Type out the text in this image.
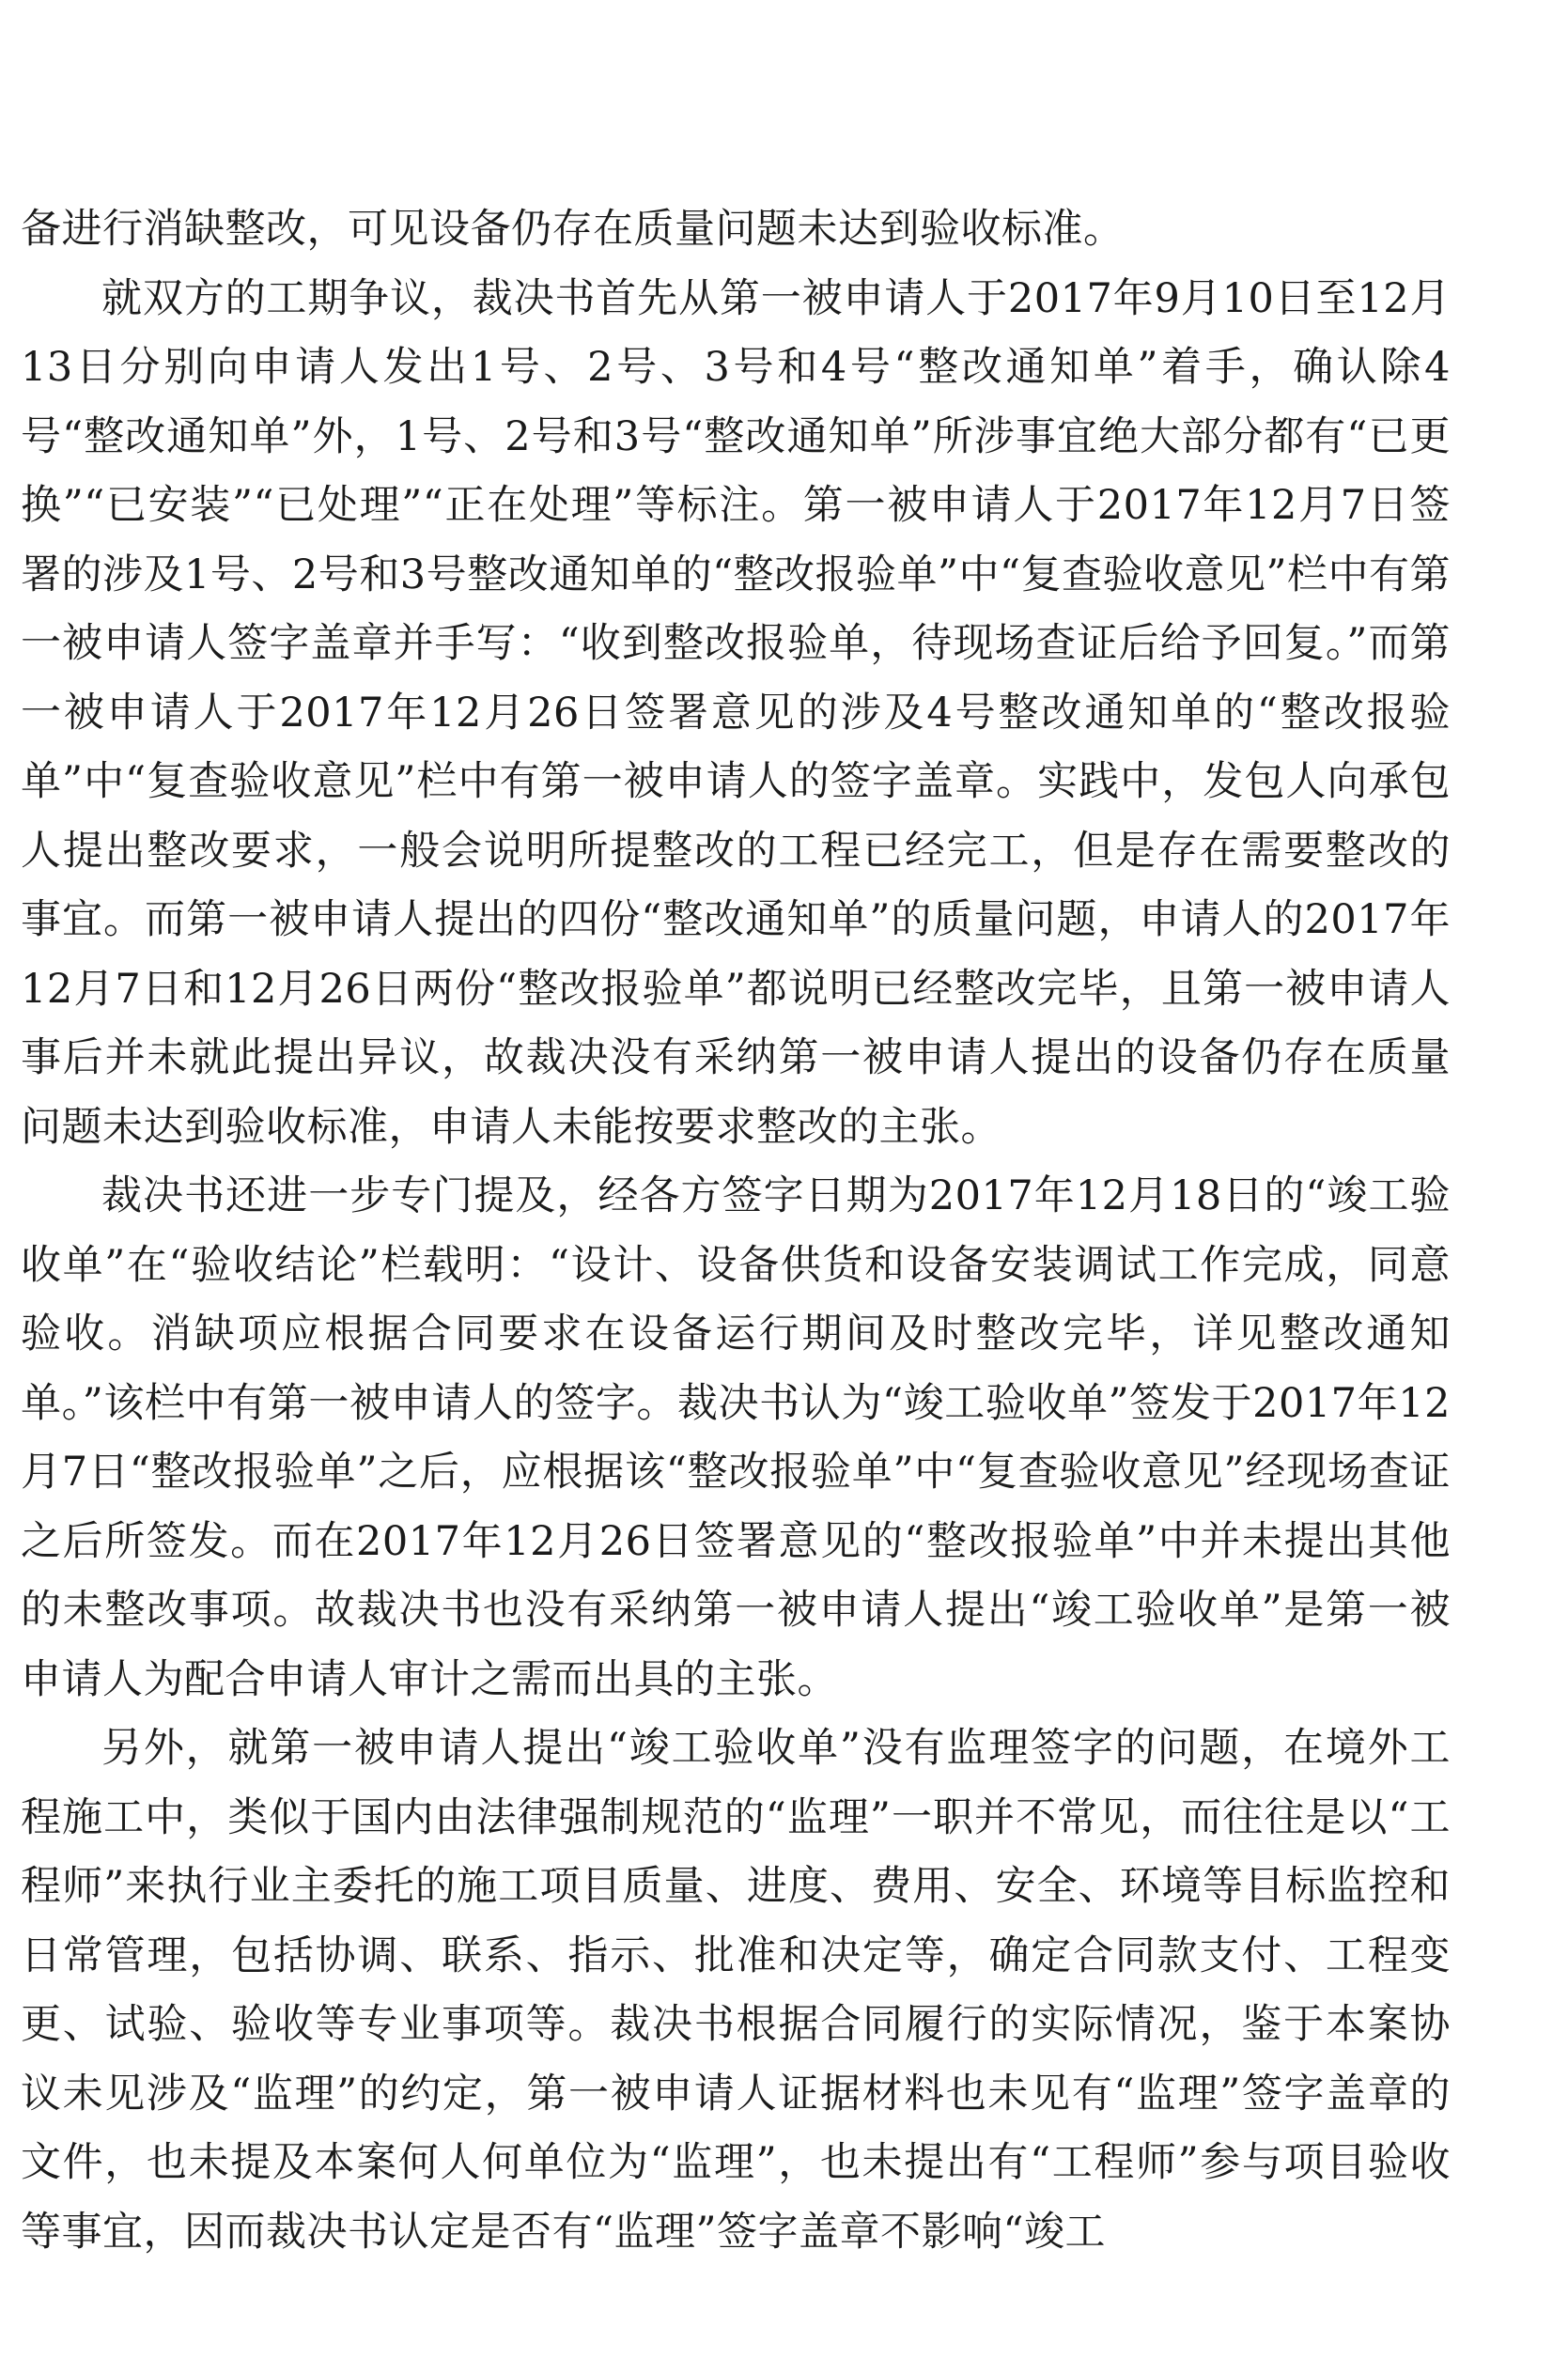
备进行消缺整改，可见设备仍存在质量问题未达到验收标准。

就双方的工期争议，裁决书首先从第一被申请人于2017年9月10日至12月13日分别向申请人发出1号、2号、3号和4号“整改通知单”着手，确认除4号“整改通知单”外，1号、2号和3号“整改通知单”所涉事宜绝大部分都有“已更换”“已安装”“已处理”“正在处理”等标注。第一被申请人于2017年12月7日签署的涉及1号、2号和3号整改通知单的“整改报验单”中“复查验收意见”栏中有第一被申请人签字盖章并手写：“收到整改报验单，待现场查证后给予回复。”而第一被申请人于2017年12月26日签署意见的涉及4号整改通知单的“整改报验单”中“复查验收意见”栏中有第一被申请人的签字盖章。实践中，发包人向承包人提出整改要求，一般会说明所提整改的工程已经完工，但是存在需要整改的事宜。而第一被申请人提出的四份“整改通知单”的质量问题，申请人的2017年12月7日和12月26日两份“整改报验单”都说明已经整改完毕，且第一被申请人事后并未就此提出异议，故裁决没有采纳第一被申请人提出的设备仍存在质量问题未达到验收标准，申请人未能按要求整改的主张。

裁决书还进一步专门提及，经各方签字日期为2017年12月18日的“竣工验收单”在“验收结论”栏载明：“设计、设备供货和设备安装调试工作完成，同意验收。消缺项应根据合同要求在设备运行期间及时整改完毕，详见整改通知单。”该栏中有第一被申请人的签字。裁决书认为“竣工验收单”签发于2017年12月7日“整改报验单”之后，应根据该“整改报验单”中“复查验收意见”经现场查证之后所签发。而在2017年12月26日签署意见的“整改报验单”中并未提出其他的未整改事项。故裁决书也没有采纳第一被申请人提出“竣工验收单”是第一被申请人为配合申请人审计之需而出具的主张。

另外，就第一被申请人提出“竣工验收单”没有监理签字的问题，在境外工程施工中，类似于国内由法律强制规范的“监理”一职并不常见，而往往是以“工程师”来执行业主委托的施工项目质量、进度、费用、安全、环境等目标监控和日常管理，包括协调、联系、指示、批准和决定等，确定合同款支付、工程变更、试验、验收等专业事项等。裁决书根据合同履行的实际情况，鉴于本案协议未见涉及“监理”的约定，第一被申请人证据材料也未见有“监理”签字盖章的文件，也未提及本案何人何单位为“监理”，也未提出有“工程师”参与项目验收等事宜，因而裁决书认定是否有“监理”签字盖章不影响“竣工
